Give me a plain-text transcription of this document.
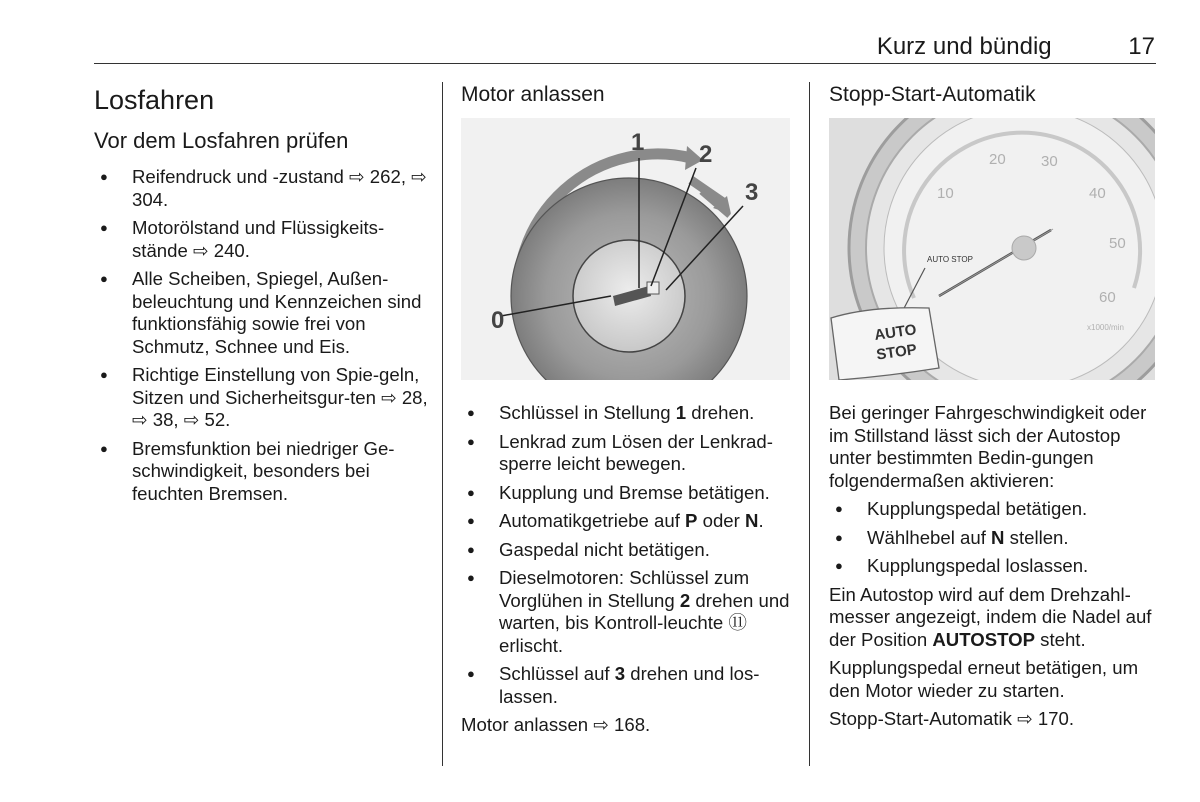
Kurz und bündig	17
Losfahren
Vor dem Losfahren prüfen
● Reifendruck und -zustand ⇨ 262, ⇨ 304.
● Motorölstand und Flüssigkeits-stände ⇨ 240.
● Alle Scheiben, Spiegel, Außen-beleuchtung und Kennzeichen sind funktionsfähig sowie frei von Schmutz, Schnee und Eis.
● Richtige Einstellung von Spie-geln, Sitzen und Sicherheitsgur-ten ⇨ 28, ⇨ 38, ⇨ 52.
● Bremsfunktion bei niedriger Ge-schwindigkeit, besonders bei feuchten Bremsen.
Motor anlassen
0
1 2
3
● Schlüssel in Stellung 1 drehen.
● Lenkrad zum Lösen der Lenkrad-sperre leicht bewegen.
● Kupplung und Bremse betätigen.
● Automatikgetriebe auf P oder N.
● Gaspedal nicht betätigen.
● Dieselmotoren: Schlüssel zum Vorglühen in Stellung 2 drehen und warten, bis Kontroll-leuchte ⑪ erlischt.
● Schlüssel auf 3 drehen und los-lassen.

Motor anlassen ⇨ 168.

Stopp-Start-Automatik
10
20 30
40
50
60
x1000/min
AUTO STOP
AUTO
STOP

Bei geringer Fahrgeschwindigkeit oder im Stillstand lässt sich der Autostop unter bestimmten Bedin-gungen folgendermaßen aktivieren:

● Kupplungspedal betätigen.
● Wählhebel auf N stellen.
● Kupplungspedal loslassen.

Ein Autostop wird auf dem Drehzahl-messer angezeigt, indem die Nadel auf der Position AUTOSTOP steht.

Kupplungspedal erneut betätigen, um den Motor wieder zu starten.

Stopp-Start-Automatik ⇨ 170.
